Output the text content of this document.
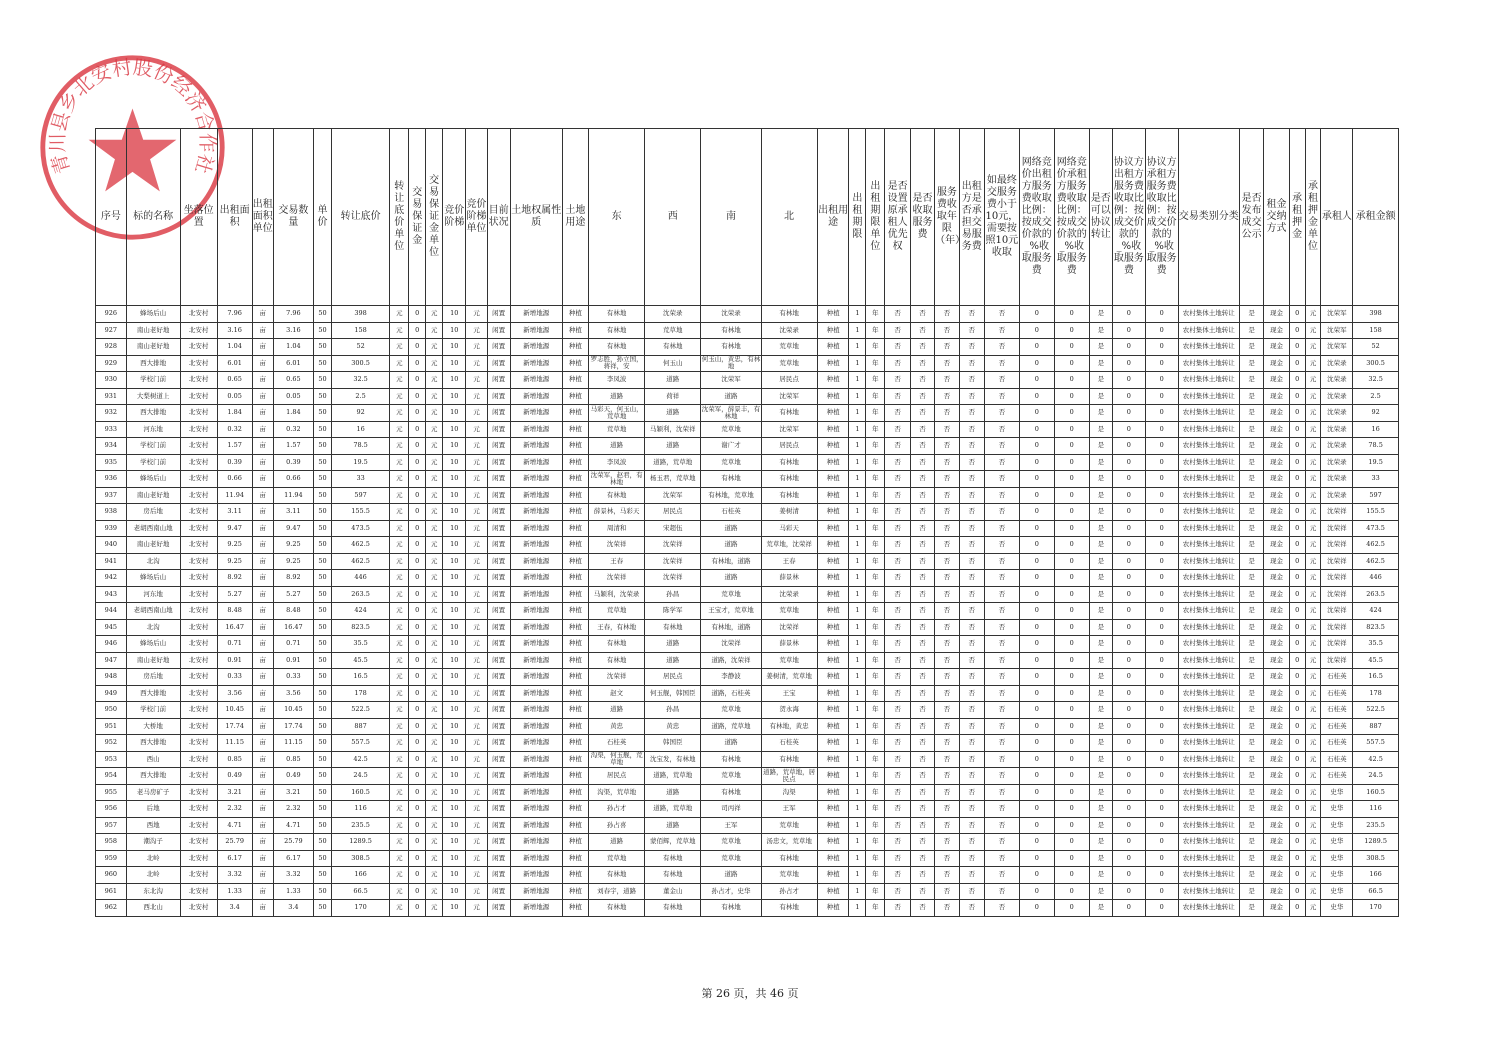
青川县乡北安村股份经济合作社
序号	标的名称	坐落位置	出租面积	出租面积单位	交易数量	单价	转让底价	转让底价单位	交易保证金	交易保证金单位	竞价阶梯	竞价阶梯单位	目前状况	土地权属性质	土地用途	东	西	南	北	出租用途	出租期限	出租期限单位	是否设置原承租人优先权	是否收取服务费	服务费收取年限（年）	出租方是否承担交易服务费	如最终交服务费小于10元，需要按照10元收取	网络竞价出租方服务费收取比例：按成交价款的_%收取服务费	网络竞价承租方服务费收取比例：按成交价款的_%收取服务费	是否可以协议转让	协议方出租方服务费收取比例：按成交价款的_%收取服务费	协议方承租方服务费收取比例：按成交价款的_%收取服务费	交易类别分类	是否发布成交公示	租金交纳方式	承租押金	承租押金单位	承租人	承租金额
926	蜂场后山	北安村	7.96	亩	7.96	50	398	元	0	元	10	元	闲置	新增地源	种植	有林地	沈荣录	沈荣录	有林地	种植	1	年	否	否	否	否	否	0	0	是	0	0	农村集体土地转让	是	现金	0	元	沈荣军	398
927	南山老好地	北安村	3.16	亩	3.16	50	158	元	0	元	10	元	闲置	新增地源	种植	有林地	荒草地	有林地	沈荣录	种植	1	年	否	否	否	否	否	0	0	是	0	0	农村集体土地转让	是	现金	0	元	沈荣军	158
928	南山老好地	北安村	1.04	亩	1.04	50	52	元	0	元	10	元	闲置	新增地源	种植	有林地	有林地	有林地	荒草地	种植	1	年	否	否	否	否	否	0	0	是	0	0	农村集体土地转让	是	现金	0	元	沈荣军	52
929	西大排地	北安村	6.01	亩	6.01	50	300.5	元	0	元	10	元	闲置	新增地源	种植	罗志胜，孙立国，蒋祥，安	何玉山	何玉山，黄忠，有林地	荒草地	种植	1	年	否	否	否	否	否	0	0	是	0	0	农村集体土地转让	是	现金	0	元	沈荣录	300.5
930	学校门前	北安村	0.65	亩	0.65	50	32.5	元	0	元	10	元	闲置	新增地源	种植	李凤波	道路	沈荣军	居民点	种植	1	年	否	否	否	否	否	0	0	是	0	0	农村集体土地转让	是	现金	0	元	沈荣录	32.5
931	大梨树道上	北安村	0.05	亩	0.05	50	2.5	元	0	元	10	元	闲置	新增地源	种植	道路	荷祥	道路	沈荣军	种植	1	年	否	否	否	否	否	0	0	是	0	0	农村集体土地转让	是	现金	0	元	沈荣录	2.5
932	西大排地	北安村	1.84	亩	1.84	50	92	元	0	元	10	元	闲置	新增地源	种植	马彩天，何玉山，荒草地	道路	沈荣军，薛景丰，有林地	有林地	种植	1	年	否	否	否	否	否	0	0	是	0	0	农村集体土地转让	是	现金	0	元	沈荣录	92
933	河东地	北安村	0.32	亩	0.32	50	16	元	0	元	10	元	闲置	新增地源	种植	荒草地	马颖利，沈荣祥	荒草地	沈荣军	种植	1	年	否	否	否	否	否	0	0	是	0	0	农村集体土地转让	是	现金	0	元	沈荣录	16
934	学校门前	北安村	1.57	亩	1.57	50	78.5	元	0	元	10	元	闲置	新增地源	种植	道路	道路	谢广才	居民点	种植	1	年	否	否	否	否	否	0	0	是	0	0	农村集体土地转让	是	现金	0	元	沈荣录	78.5
935	学校门前	北安村	0.39	亩	0.39	50	19.5	元	0	元	10	元	闲置	新增地源	种植	李凤波	道路，荒草地	荒草地	有林地	种植	1	年	否	否	否	否	否	0	0	是	0	0	农村集体土地转让	是	现金	0	元	沈荣录	19.5
936	蜂场后山	北安村	0.66	亩	0.66	50	33	元	0	元	10	元	闲置	新增地源	种植	沈荣军，赵君，有林地	杨玉君，荒草地	有林地	有林地	种植	1	年	否	否	否	否	否	0	0	是	0	0	农村集体土地转让	是	现金	0	元	沈荣录	33
937	南山老好地	北安村	11.94	亩	11.94	50	597	元	0	元	10	元	闲置	新增地源	种植	有林地	沈荣军	有林地，荒草地	有林地	种植	1	年	否	否	否	否	否	0	0	是	0	0	农村集体土地转让	是	现金	0	元	沈荣录	597
938	房后地	北安村	3.11	亩	3.11	50	155.5	元	0	元	10	元	闲置	新增地源	种植	薛景林，马彩天	居民点	石桂英	姜树清	种植	1	年	否	否	否	否	否	0	0	是	0	0	农村集体土地转让	是	现金	0	元	沈荣祥	155.5
939	老胡西南山地	北安村	9.47	亩	9.47	50	473.5	元	0	元	10	元	闲置	新增地源	种植	周清和	宋超伍	道路	马彩天	种植	1	年	否	否	否	否	否	0	0	是	0	0	农村集体土地转让	是	现金	0	元	沈荣祥	473.5
940	南山老好地	北安村	9.25	亩	9.25	50	462.5	元	0	元	10	元	闲置	新增地源	种植	沈荣祥	沈荣祥	道路	荒草地，沈荣祥	种植	1	年	否	否	否	否	否	0	0	是	0	0	农村集体土地转让	是	现金	0	元	沈荣祥	462.5
941	北沟	北安村	9.25	亩	9.25	50	462.5	元	0	元	10	元	闲置	新增地源	种植	王春	沈荣祥	有林地，道路	王春	种植	1	年	否	否	否	否	否	0	0	是	0	0	农村集体土地转让	是	现金	0	元	沈荣祥	462.5
942	蜂场后山	北安村	8.92	亩	8.92	50	446	元	0	元	10	元	闲置	新增地源	种植	沈荣祥	沈荣祥	道路	薛景林	种植	1	年	否	否	否	否	否	0	0	是	0	0	农村集体土地转让	是	现金	0	元	沈荣祥	446
943	河东地	北安村	5.27	亩	5.27	50	263.5	元	0	元	10	元	闲置	新增地源	种植	马颖利，沈荣录	孙昌	荒草地	沈荣录	种植	1	年	否	否	否	否	否	0	0	是	0	0	农村集体土地转让	是	现金	0	元	沈荣祥	263.5
944	老胡西南山地	北安村	8.48	亩	8.48	50	424	元	0	元	10	元	闲置	新增地源	种植	荒草地	陈学军	王宝才，荒草地	荒草地	种植	1	年	否	否	否	否	否	0	0	是	0	0	农村集体土地转让	是	现金	0	元	沈荣祥	424
945	北沟	北安村	16.47	亩	16.47	50	823.5	元	0	元	10	元	闲置	新增地源	种植	王春，有林地	有林地	有林地，道路	沈荣祥	种植	1	年	否	否	否	否	否	0	0	是	0	0	农村集体土地转让	是	现金	0	元	沈荣祥	823.5
946	蜂场后山	北安村	0.71	亩	0.71	50	35.5	元	0	元	10	元	闲置	新增地源	种植	有林地	道路	沈荣祥	薛景林	种植	1	年	否	否	否	否	否	0	0	是	0	0	农村集体土地转让	是	现金	0	元	沈荣祥	35.5
947	南山老好地	北安村	0.91	亩	0.91	50	45.5	元	0	元	10	元	闲置	新增地源	种植	有林地	道路	道路，沈荣祥	荒草地	种植	1	年	否	否	否	否	否	0	0	是	0	0	农村集体土地转让	是	现金	0	元	沈荣祥	45.5
948	房后地	北安村	0.33	亩	0.33	50	16.5	元	0	元	10	元	闲置	新增地源	种植	沈荣祥	居民点	李静波	姜树清，荒草地	种植	1	年	否	否	否	否	否	0	0	是	0	0	农村集体土地转让	是	现金	0	元	石桂英	16.5
949	西大排地	北安村	3.56	亩	3.56	50	178	元	0	元	10	元	闲置	新增地源	种植	赵文	何玉舰，韩国臣	道路，石桂英	王宝	种植	1	年	否	否	否	否	否	0	0	是	0	0	农村集体土地转让	是	现金	0	元	石桂英	178
950	学校门前	北安村	10.45	亩	10.45	50	522.5	元	0	元	10	元	闲置	新增地源	种植	道路	孙昌	荒草地	贺永海	种植	1	年	否	否	否	否	否	0	0	是	0	0	农村集体土地转让	是	现金	0	元	石桂英	522.5
951	大桥地	北安村	17.74	亩	17.74	50	887	元	0	元	10	元	闲置	新增地源	种植	黄忠	黄忠	道路，荒草地	有林地，黄忠	种植	1	年	否	否	否	否	否	0	0	是	0	0	农村集体土地转让	是	现金	0	元	石桂英	887
952	西大排地	北安村	11.15	亩	11.15	50	557.5	元	0	元	10	元	闲置	新增地源	种植	石桂英	韩国臣	道路	石桂英	种植	1	年	否	否	否	否	否	0	0	是	0	0	农村集体土地转让	是	现金	0	元	石桂英	557.5
953	西山	北安村	0.85	亩	0.85	50	42.5	元	0	元	10	元	闲置	新增地源	种植	沟渠，何玉舰，荒草地	沈宝发，有林地	有林地	有林地	种植	1	年	否	否	否	否	否	0	0	是	0	0	农村集体土地转让	是	现金	0	元	石桂英	42.5
954	西大排地	北安村	0.49	亩	0.49	50	24.5	元	0	元	10	元	闲置	新增地源	种植	居民点	道路，荒草地	荒草地	道路，荒草地，居民点	种植	1	年	否	否	否	否	否	0	0	是	0	0	农村集体土地转让	是	现金	0	元	石桂英	24.5
955	老马房矿子	北安村	3.21	亩	3.21	50	160.5	元	0	元	10	元	闲置	新增地源	种植	沟渠，荒草地	道路	有林地	沟渠	种植	1	年	否	否	否	否	否	0	0	是	0	0	农村集体土地转让	是	现金	0	元	史华	160.5
956	后地	北安村	2.32	亩	2.32	50	116	元	0	元	10	元	闲置	新增地源	种植	孙占才	道路，荒草地	司丙祥	王军	种植	1	年	否	否	否	否	否	0	0	是	0	0	农村集体土地转让	是	现金	0	元	史华	116
957	西地	北安村	4.71	亩	4.71	50	235.5	元	0	元	10	元	闲置	新增地源	种植	孙占喜	道路	王军	荒草地	种植	1	年	否	否	否	否	否	0	0	是	0	0	农村集体土地转让	是	现金	0	元	史华	235.5
958	潮沟子	北安村	25.79	亩	25.79	50	1289.5	元	0	元	10	元	闲置	新增地源	种植	道路	蒙佰辉，荒草地	荒草地	汤忠文，荒草地	种植	1	年	否	否	否	否	否	0	0	是	0	0	农村集体土地转让	是	现金	0	元	史华	1289.5
959	北岭	北安村	6.17	亩	6.17	50	308.5	元	0	元	10	元	闲置	新增地源	种植	荒草地	有林地	荒草地	有林地	种植	1	年	否	否	否	否	否	0	0	是	0	0	农村集体土地转让	是	现金	0	元	史华	308.5
960	北岭	北安村	3.32	亩	3.32	50	166	元	0	元	10	元	闲置	新增地源	种植	有林地	有林地	道路	荒草地	种植	1	年	否	否	否	否	否	0	0	是	0	0	农村集体土地转让	是	现金	0	元	史华	166
961	东北沟	北安村	1.33	亩	1.33	50	66.5	元	0	元	10	元	闲置	新增地源	种植	刘春宇，道路	董金山	孙占才，史华	孙占才	种植	1	年	否	否	否	否	否	0	0	是	0	0	农村集体土地转让	是	现金	0	元	史华	66.5
962	西北山	北安村	3.4	亩	3.4	50	170	元	0	元	10	元	闲置	新增地源	种植	有林地	有林地	有林地	有林地	种植	1	年	否	否	否	否	否	0	0	是	0	0	农村集体土地转让	是	现金	0	元	史华	170
第 26 页，共 46 页
